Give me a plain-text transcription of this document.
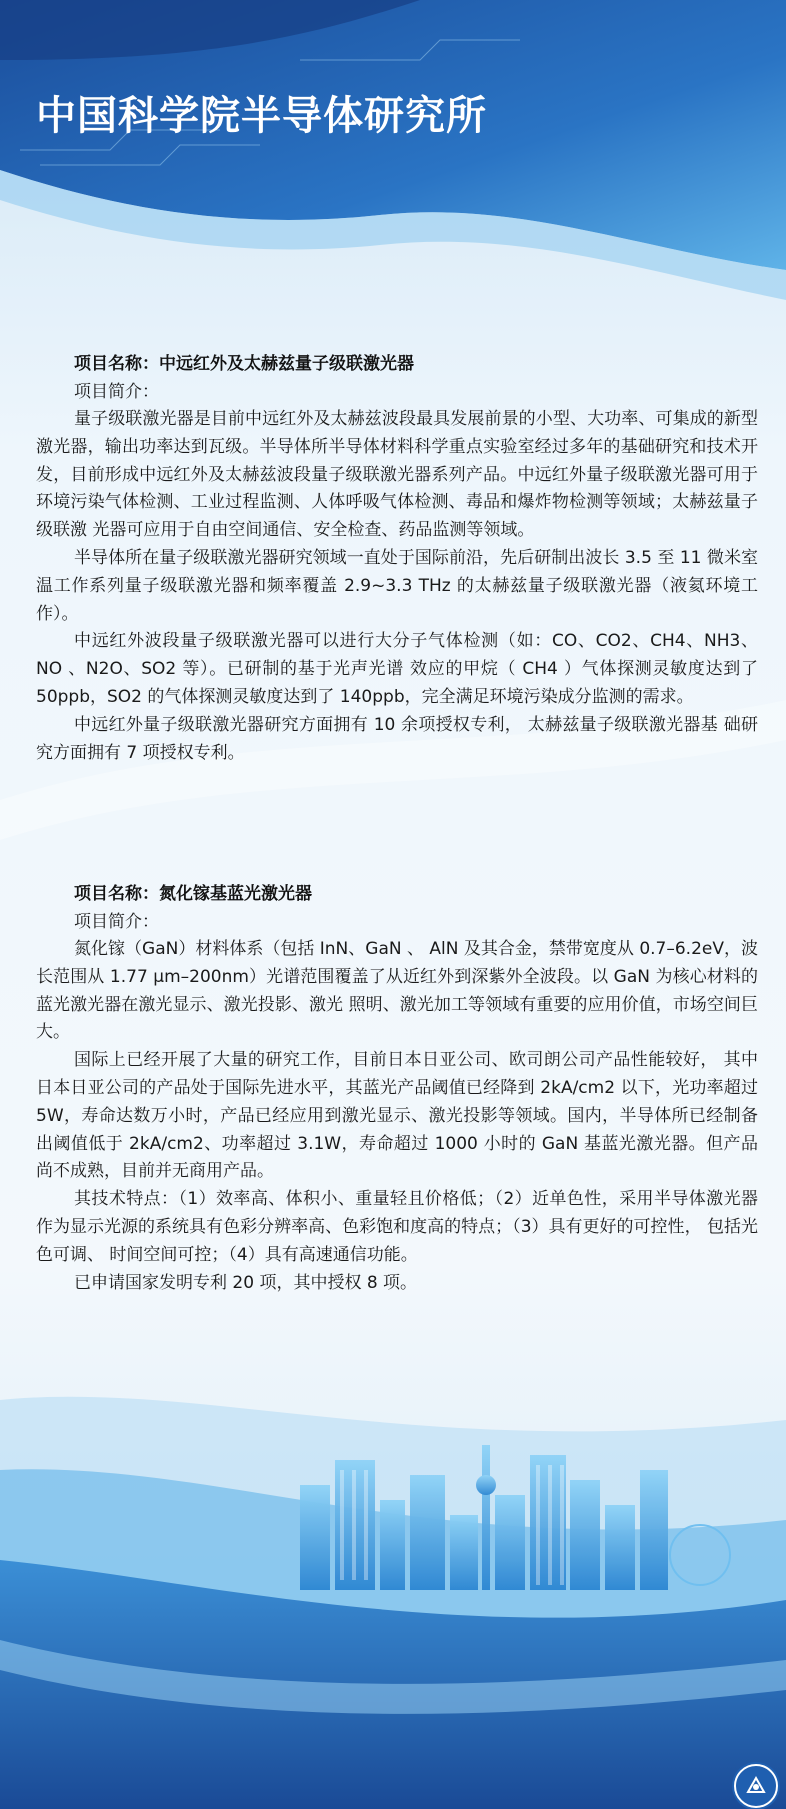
中国科学院半导体研究所

项目名称：中远红外及太赫兹量子级联激光器

项目简介：

量子级联激光器是目前中远红外及太赫兹波段最具发展前景的小型、大功率、可集成的新型激光器，输出功率达到瓦级。半导体所半导体材料科学重点实验室经过多年的基础研究和技术开发，目前形成中远红外及太赫兹波段量子级联激光器系列产品。中远红外量子级联激光器可用于环境污染气体检测、工业过程监测、人体呼吸气体检测、毒品和爆炸物检测等领域；太赫兹量子级联激 光器可应用于自由空间通信、安全检查、药品监测等领域。

半导体所在量子级联激光器研究领域一直处于国际前沿，先后研制出波长 3.5 至 11 微米室温工作系列量子级联激光器和频率覆盖 2.9~3.3 THz 的太赫兹量子级联激光器（液氦环境工作）。

中远红外波段量子级联激光器可以进行大分子气体检测（如：CO、CO2、CH4、NH3、NO 、N2O、SO2 等）。已研制的基于光声光谱 效应的甲烷（ CH4 ）气体探测灵敏度达到了 50ppb，SO2 的气体探测灵敏度达到了 140ppb，完全满足环境污染成分监测的需求。

中远红外量子级联激光器研究方面拥有 10 余项授权专利， 太赫兹量子级联激光器基 础研究方面拥有 7 项授权专利。

项目名称：氮化镓基蓝光激光器

项目简介：

氮化镓（GaN）材料体系（包括 InN、GaN 、 AlN 及其合金，禁带宽度从 0.7–6.2eV，波长范围从 1.77 μm–200nm）光谱范围覆盖了从近红外到深紫外全波段。以 GaN 为核心材料的蓝光激光器在激光显示、激光投影、激光 照明、激光加工等领域有重要的应用价值，市场空间巨大。

国际上已经开展了大量的研究工作，目前日本日亚公司、欧司朗公司产品性能较好， 其中日本日亚公司的产品处于国际先进水平，其蓝光产品阈值已经降到 2kA/cm2 以下，光功率超过 5W，寿命达数万小时，产品已经应用到激光显示、激光投影等领域。国内，半导体所已经制备出阈值低于 2kA/cm2、功率超过 3.1W，寿命超过 1000 小时的 GaN 基蓝光激光器。但产品尚不成熟，目前并无商用产品。

其技术特点：（1）效率高、体积小、重量轻且价格低；（2）近单色性，采用半导体激光器作为显示光源的系统具有色彩分辨率高、色彩饱和度高的特点；（3）具有更好的可控性， 包括光色可调、 时间空间可控；（4）具有高速通信功能。

已申请国家发明专利 20 项，其中授权 8 项。
